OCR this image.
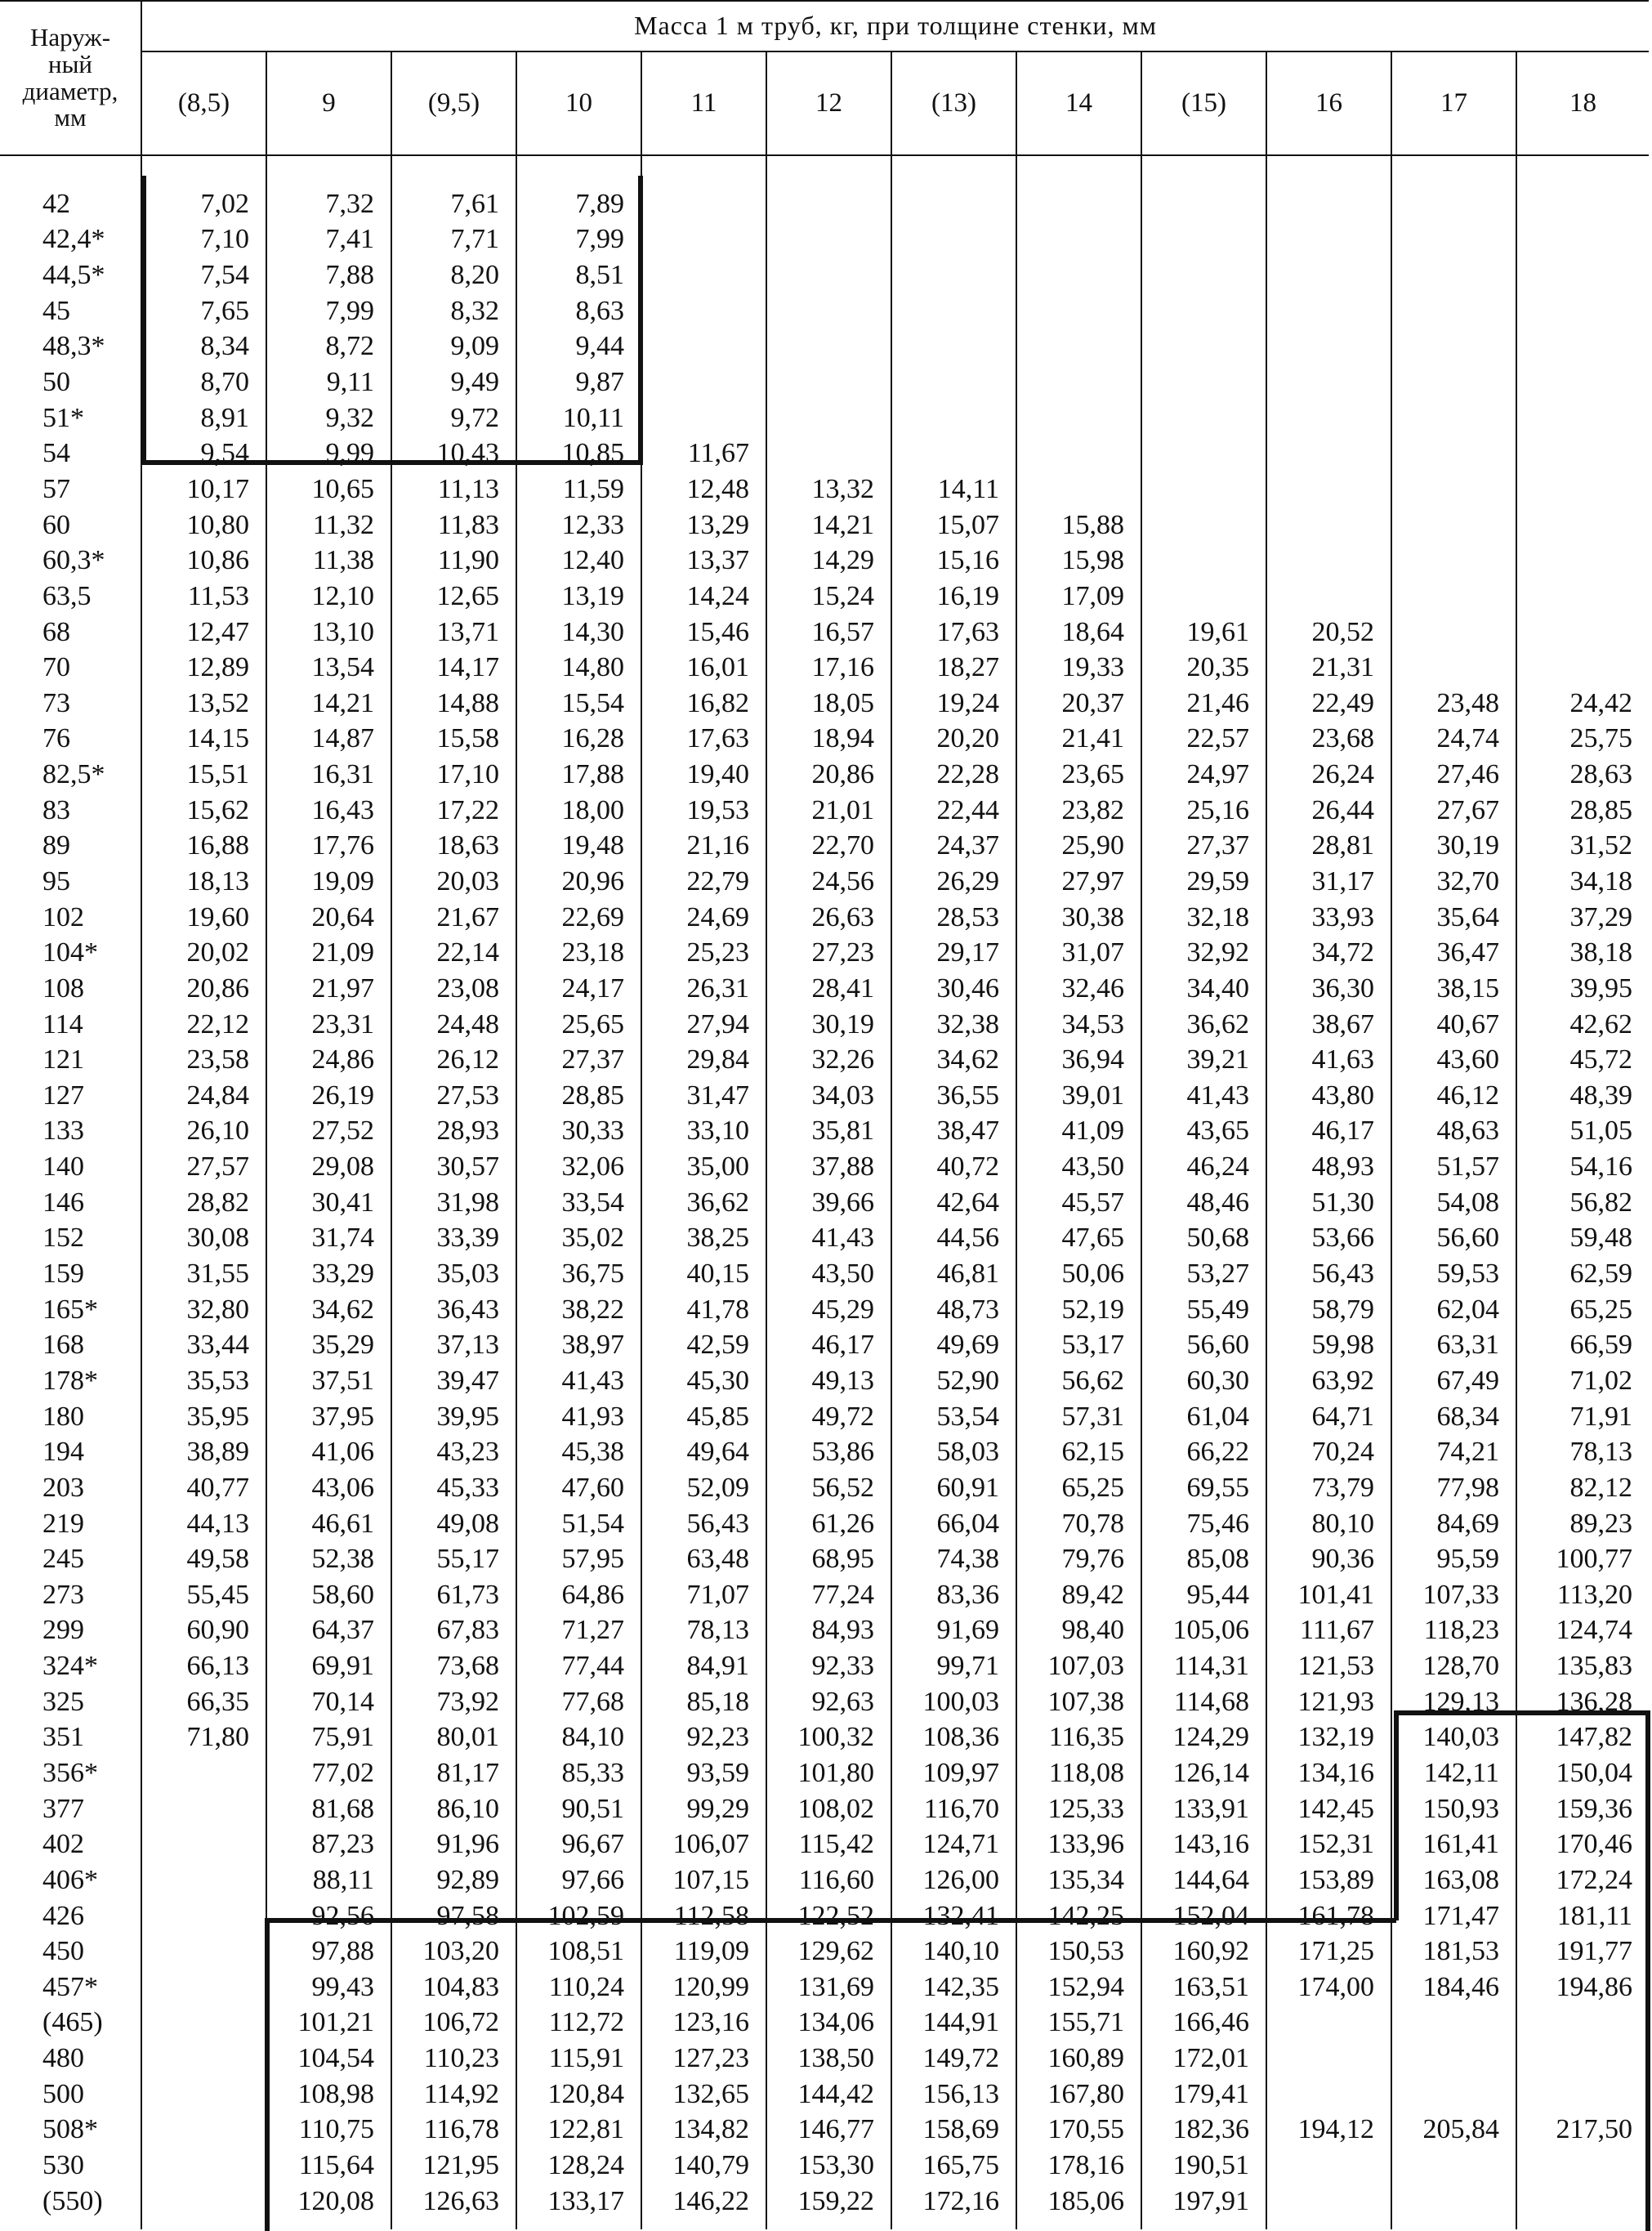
Наруж-
ный
диаметр,
мм	Масса 1 м труб, кг, при толщине стенки, мм											
	(8,5)	9	(9,5)	10	11	12	(13)	14	(15)	16	17	18

42	7,02	7,32	7,61	7,89								
42,4*	7,10	7,41	7,71	7,99								
44,5*	7,54	7,88	8,20	8,51								
45	7,65	7,99	8,32	8,63								
48,3*	8,34	8,72	9,09	9,44								
50	8,70	9,11	9,49	9,87								
51*	8,91	9,32	9,72	10,11								
54	9,54	9,99	10,43	10,85	11,67							
57	10,17	10,65	11,13	11,59	12,48	13,32	14,11					
60	10,80	11,32	11,83	12,33	13,29	14,21	15,07	15,88				
60,3*	10,86	11,38	11,90	12,40	13,37	14,29	15,16	15,98				
63,5	11,53	12,10	12,65	13,19	14,24	15,24	16,19	17,09				
68	12,47	13,10	13,71	14,30	15,46	16,57	17,63	18,64	19,61	20,52		
70	12,89	13,54	14,17	14,80	16,01	17,16	18,27	19,33	20,35	21,31		
73	13,52	14,21	14,88	15,54	16,82	18,05	19,24	20,37	21,46	22,49	23,48	24,42
76	14,15	14,87	15,58	16,28	17,63	18,94	20,20	21,41	22,57	23,68	24,74	25,75
82,5*	15,51	16,31	17,10	17,88	19,40	20,86	22,28	23,65	24,97	26,24	27,46	28,63
83	15,62	16,43	17,22	18,00	19,53	21,01	22,44	23,82	25,16	26,44	27,67	28,85
89	16,88	17,76	18,63	19,48	21,16	22,70	24,37	25,90	27,37	28,81	30,19	31,52
95	18,13	19,09	20,03	20,96	22,79	24,56	26,29	27,97	29,59	31,17	32,70	34,18
102	19,60	20,64	21,67	22,69	24,69	26,63	28,53	30,38	32,18	33,93	35,64	37,29
104*	20,02	21,09	22,14	23,18	25,23	27,23	29,17	31,07	32,92	34,72	36,47	38,18
108	20,86	21,97	23,08	24,17	26,31	28,41	30,46	32,46	34,40	36,30	38,15	39,95
114	22,12	23,31	24,48	25,65	27,94	30,19	32,38	34,53	36,62	38,67	40,67	42,62
121	23,58	24,86	26,12	27,37	29,84	32,26	34,62	36,94	39,21	41,63	43,60	45,72
127	24,84	26,19	27,53	28,85	31,47	34,03	36,55	39,01	41,43	43,80	46,12	48,39
133	26,10	27,52	28,93	30,33	33,10	35,81	38,47	41,09	43,65	46,17	48,63	51,05
140	27,57	29,08	30,57	32,06	35,00	37,88	40,72	43,50	46,24	48,93	51,57	54,16
146	28,82	30,41	31,98	33,54	36,62	39,66	42,64	45,57	48,46	51,30	54,08	56,82
152	30,08	31,74	33,39	35,02	38,25	41,43	44,56	47,65	50,68	53,66	56,60	59,48
159	31,55	33,29	35,03	36,75	40,15	43,50	46,81	50,06	53,27	56,43	59,53	62,59
165*	32,80	34,62	36,43	38,22	41,78	45,29	48,73	52,19	55,49	58,79	62,04	65,25
168	33,44	35,29	37,13	38,97	42,59	46,17	49,69	53,17	56,60	59,98	63,31	66,59
178*	35,53	37,51	39,47	41,43	45,30	49,13	52,90	56,62	60,30	63,92	67,49	71,02
180	35,95	37,95	39,95	41,93	45,85	49,72	53,54	57,31	61,04	64,71	68,34	71,91
194	38,89	41,06	43,23	45,38	49,64	53,86	58,03	62,15	66,22	70,24	74,21	78,13
203	40,77	43,06	45,33	47,60	52,09	56,52	60,91	65,25	69,55	73,79	77,98	82,12
219	44,13	46,61	49,08	51,54	56,43	61,26	66,04	70,78	75,46	80,10	84,69	89,23
245	49,58	52,38	55,17	57,95	63,48	68,95	74,38	79,76	85,08	90,36	95,59	100,77
273	55,45	58,60	61,73	64,86	71,07	77,24	83,36	89,42	95,44	101,41	107,33	113,20
299	60,90	64,37	67,83	71,27	78,13	84,93	91,69	98,40	105,06	111,67	118,23	124,74
324*	66,13	69,91	73,68	77,44	84,91	92,33	99,71	107,03	114,31	121,53	128,70	135,83
325	66,35	70,14	73,92	77,68	85,18	92,63	100,03	107,38	114,68	121,93	129,13	136,28
351	71,80	75,91	80,01	84,10	92,23	100,32	108,36	116,35	124,29	132,19	140,03	147,82
356*		77,02	81,17	85,33	93,59	101,80	109,97	118,08	126,14	134,16	142,11	150,04
377		81,68	86,10	90,51	99,29	108,02	116,70	125,33	133,91	142,45	150,93	159,36
402		87,23	91,96	96,67	106,07	115,42	124,71	133,96	143,16	152,31	161,41	170,46
406*		88,11	92,89	97,66	107,15	116,60	126,00	135,34	144,64	153,89	163,08	172,24
426		92,56	97,58	102,59	112,58	122,52	132,41	142,25	152,04	161,78	171,47	181,11
450		97,88	103,20	108,51	119,09	129,62	140,10	150,53	160,92	171,25	181,53	191,77
457*		99,43	104,83	110,24	120,99	131,69	142,35	152,94	163,51	174,00	184,46	194,86
(465)		101,21	106,72	112,72	123,16	134,06	144,91	155,71	166,46			
480		104,54	110,23	115,91	127,23	138,50	149,72	160,89	172,01			
500		108,98	114,92	120,84	132,65	144,42	156,13	167,80	179,41			
508*		110,75	116,78	122,81	134,82	146,77	158,69	170,55	182,36	194,12	205,84	217,50
530		115,64	121,95	128,24	140,79	153,30	165,75	178,16	190,51			
(550)		120,08	126,63	133,17	146,22	159,22	172,16	185,06	197,91			
